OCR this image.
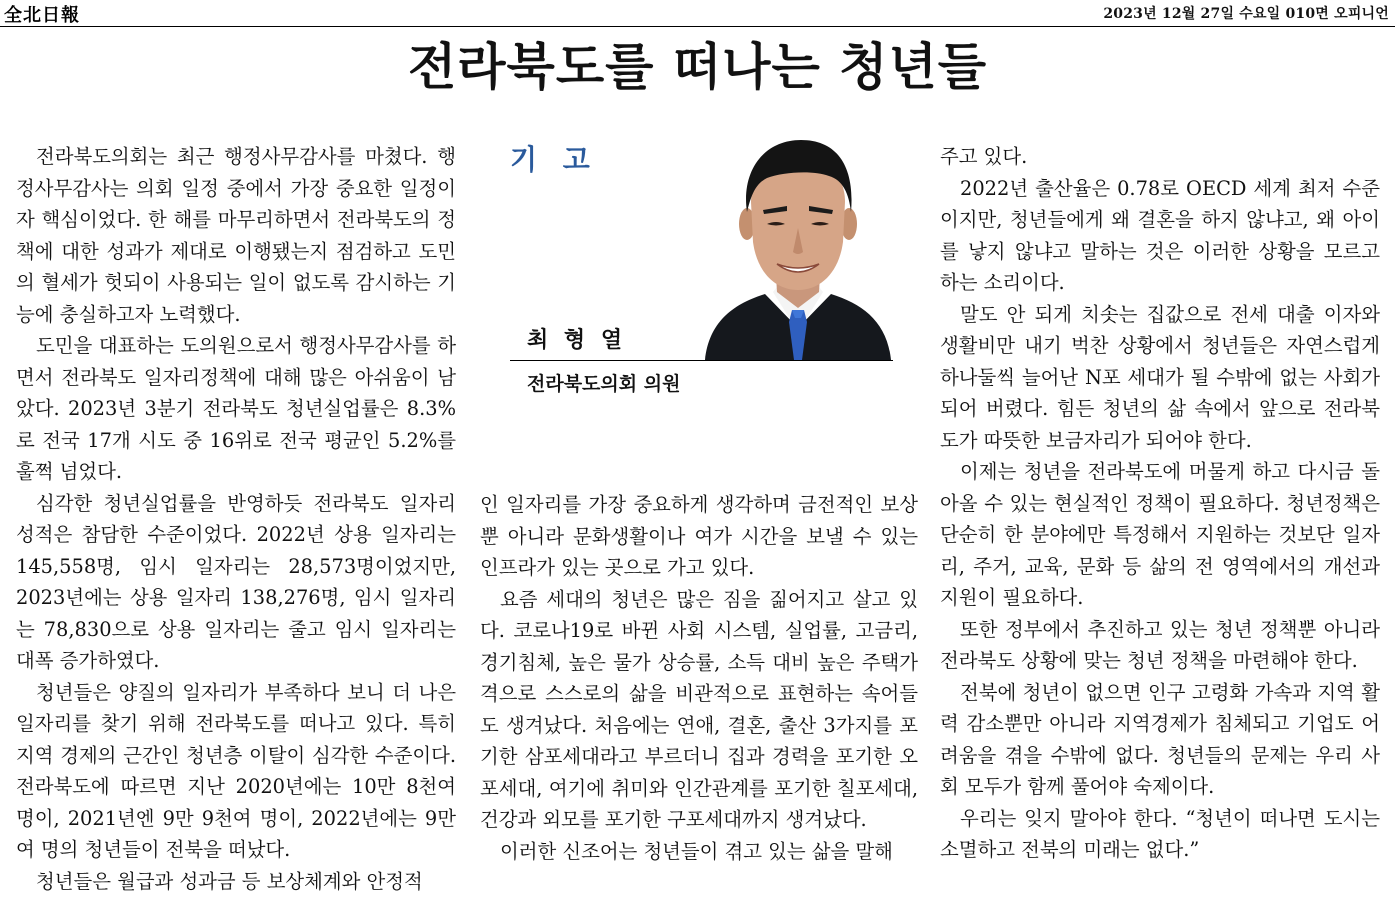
全北日報	2023년 12월 27일 수요일 010면 오피니언
전라북도를 떠나는 청년들

전라북도의회는 최근 행정사무감사를 마쳤다. 행정사무감사는 의회 일정 중에서 가장 중요한 일정이자 핵심이었다. 한 해를 마무리하면서 전라북도의 정책에 대한 성과가 제대로 이행됐는지 점검하고 도민의 혈세가 헛되이 사용되는 일이 없도록 감시하는 기능에 충실하고자 노력했다.

도민을 대표하는 도의원으로서 행정사무감사를 하면서 전라북도 일자리정책에 대해 많은 아쉬움이 남았다. 2023년 3분기 전라북도 청년실업률은 8.3%로 전국 17개 시도 중 16위로 전국 평균인 5.2%를 훌쩍 넘었다.

심각한 청년실업률을 반영하듯 전라북도 일자리 성적은 참담한 수준이었다. 2022년 상용 일자리는 145,558명, 임시 일자리는 28,573명이었지만, 2023년에는 상용 일자리 138,276명, 임시 일자리는 78,830으로 상용 일자리는 줄고 임시 일자리는 대폭 증가하였다.

청년들은 양질의 일자리가 부족하다 보니 더 나은 일자리를 찾기 위해 전라북도를 떠나고 있다. 특히 지역 경제의 근간인 청년층 이탈이 심각한 수준이다. 전라북도에 따르면 지난 2020년에는 10만 8천여 명이, 2021년엔 9만 9천여 명이, 2022년에는 9만여 명의 청년들이 전북을 떠났다.

청년들은 월급과 성과금 등 보상체계와 안정적

기 고
최 형 열
전라북도의회 의원

인 일자리를 가장 중요하게 생각하며 금전적인 보상뿐 아니라 문화생활이나 여가 시간을 보낼 수 있는 인프라가 있는 곳으로 가고 있다.

요즘 세대의 청년은 많은 짐을 짊어지고 살고 있다. 코로나19로 바뀐 사회 시스템, 실업률, 고금리, 경기침체, 높은 물가 상승률, 소득 대비 높은 주택가격으로 스스로의 삶을 비관적으로 표현하는 속어들도 생겨났다. 처음에는 연애, 결혼, 출산 3가지를 포기한 삼포세대라고 부르더니 집과 경력을 포기한 오포세대, 여기에 취미와 인간관계를 포기한 칠포세대, 건강과 외모를 포기한 구포세대까지 생겨났다.

이러한 신조어는 청년들이 겪고 있는 삶을 말해

주고 있다.

2022년 출산율은 0.78로 OECD 세계 최저 수준이지만, 청년들에게 왜 결혼을 하지 않냐고, 왜 아이를 낳지 않냐고 말하는 것은 이러한 상황을 모르고 하는 소리이다.

말도 안 되게 치솟는 집값으로 전세 대출 이자와 생활비만 내기 벅찬 상황에서 청년들은 자연스럽게 하나둘씩 늘어난 N포 세대가 될 수밖에 없는 사회가 되어 버렸다. 힘든 청년의 삶 속에서 앞으로 전라북도가 따뜻한 보금자리가 되어야 한다.

이제는 청년을 전라북도에 머물게 하고 다시금 돌아올 수 있는 현실적인 정책이 필요하다. 청년정책은 단순히 한 분야에만 특정해서 지원하는 것보단 일자리, 주거, 교육, 문화 등 삶의 전 영역에서의 개선과 지원이 필요하다.

또한 정부에서 추진하고 있는 청년 정책뿐 아니라 전라북도 상황에 맞는 청년 정책을 마련해야 한다.

전북에 청년이 없으면 인구 고령화 가속과 지역 활력 감소뿐만 아니라 지역경제가 침체되고 기업도 어려움을 겪을 수밖에 없다. 청년들의 문제는 우리 사회 모두가 함께 풀어야 숙제이다.

우리는 잊지 말아야 한다. “청년이 떠나면 도시는 소멸하고 전북의 미래는 없다.”
